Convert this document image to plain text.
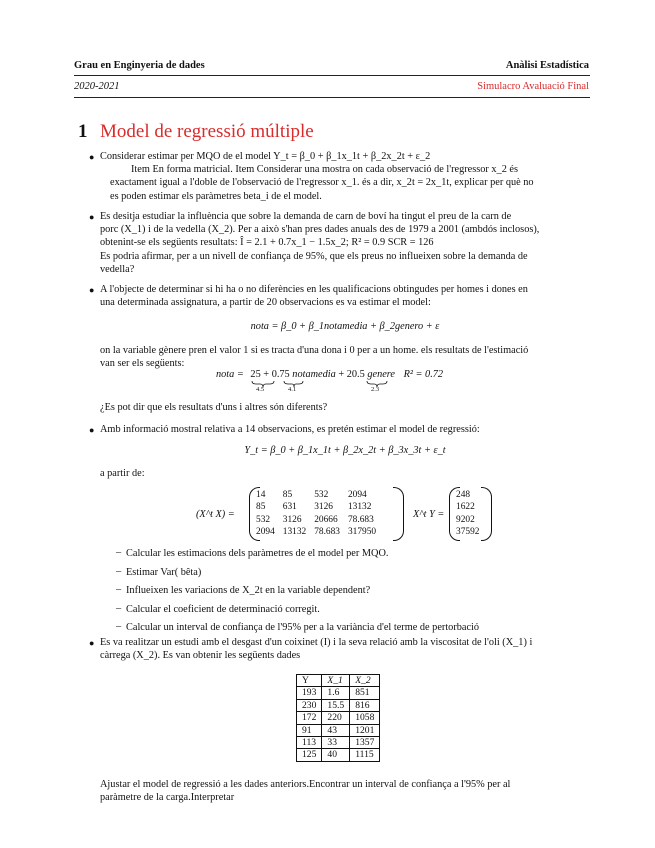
Grau en Enginyeria de dades	Anàlisi Estadística
2020-2021	Simulacro Avaluació Final
1 Model de regressió múltiple
● Considerar estimar per MQO de el model Y_t = β_0 + β_1x_1t + β_2x_2t + ε_2
Item En forma matricial. Item Considerar una mostra on cada observació de l'regressor x_2 és
exactament igual a l'doble de l'observació de l'regressor x_1. és a dir, x_2t = 2x_1t, explicar per què no
es poden estimar els paràmetres beta_i de el model.
● Es desitja estudiar la influència que sobre la demanda de carn de boví ha tingut el preu de la carn de
porc (X_1) i de la vedella (X_2). Per a això s'han pres dades anuals des de 1979 a 2001 (ambdós inclosos),
obtenint-se els següents resultats: Î = 2.1 + 0.7x_1 − 1.5x_2; R² = 0.9 SCR = 126
Es podria afirmar, per a un nivell de confiança de 95%, que els preus no influeixen sobre la demanda de
vedella?
● A l'objecte de determinar si hi ha o no diferències en les qualificacions obtingudes per homes i dones en
una determinada assignatura, a partir de 20 observacions es va estimar el model:
nota = β_0 + β_1notamedia + β_2genero + ε
on la variable gènere pren el valor 1 si es tracta d'una dona i 0 per a un home. els resultats de l'estimació
van ser els següents:
nota = 25 + 0.75 notamedia + 20.5 genere R² = 0.72
4.5	4.1	2.3
¿Es pot dir que els resultats d'uns i altres són diferents?
● Amb informació mostral relativa a 14 observacions, es pretén estimar el model de regressió:
Y_t = β_0 + β_1x_1t + β_2x_2t + β_3x_3t + ε_t
a partir de:
(X^t X) =
14	85	532	2094
85	631	3126	13132
532	3126	20666	78.683
2094	13132	78.683	317950
X^t Y =
248
1622
9202
37592
– Calcular les estimacions dels paràmetres de el model per MQO.
– Estimar Var( bêta)
– Influeixen les variacions de X_2t en la variable dependent?
– Calcular el coeficient de determinació corregit.
– Calcular un interval de confiança de l'95% per a la variància d'el terme de pertorbació
● Es va realitzar un estudi amb el desgast d'un coixinet (I) i la seva relació amb la viscositat de l'oli (X_1) i
càrrega (X_2). Es van obtenir les següents dades
Y	X_1	X_2
193	1.6	851
230	15.5	816
172	220	1058
91	43	1201
113	33	1357
125	40	1115
Ajustar el model de regressió a les dades anteriors.Encontrar un interval de confiança a l'95% per al
paràmetre de la carga.Interpretar
